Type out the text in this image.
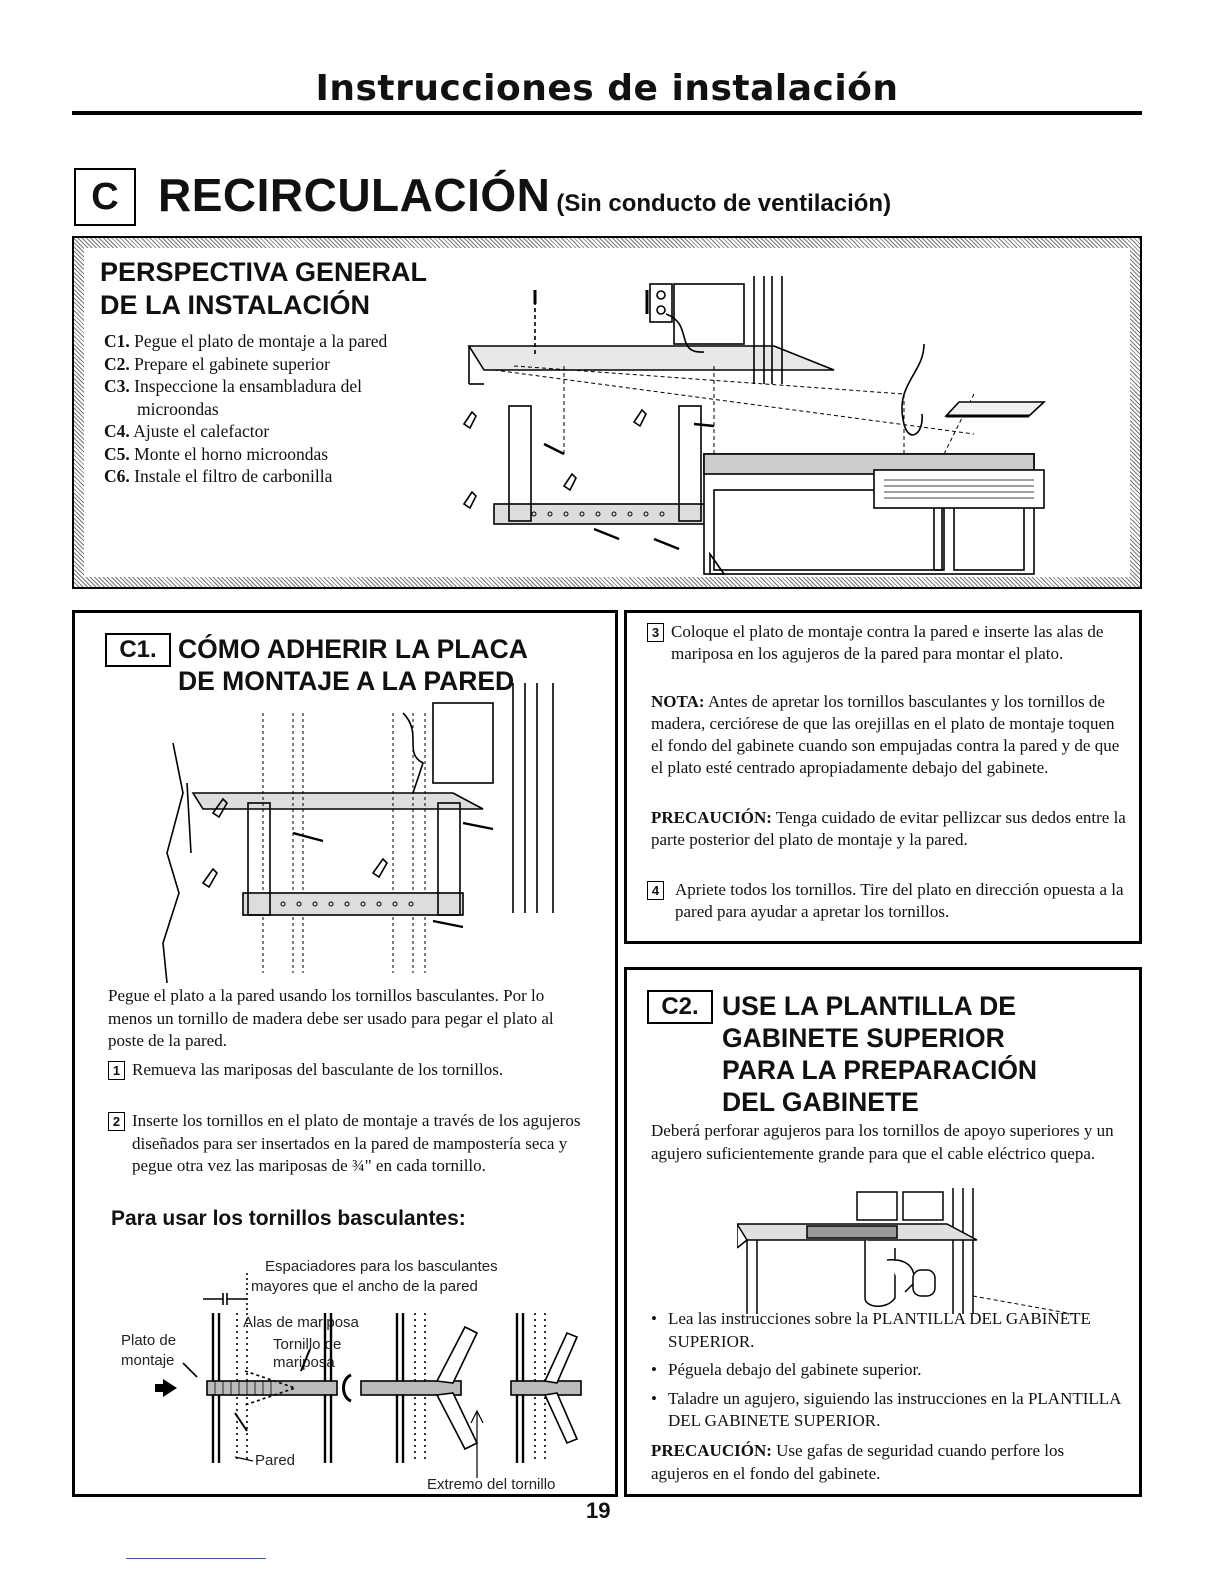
Instrucciones de instalación
C RECIRCULACIÓN (Sin conducto de ventilación)
PERSPECTIVA GENERAL
DE LA INSTALACIÓN
C1. Pegue el plato de montaje a la pared
C2. Prepare el gabinete superior
C3. Inspeccione la ensambladura del microondas
C4. Ajuste el calefactor
C5. Monte el horno microondas
C6. Instale el filtro de carbonilla
C1. CÓMO ADHERIR LA PLACA
DE MONTAJE A LA PARED
Pegue el plato a la pared usando los tornillos basculantes. Por lo menos un tornillo de madera debe ser usado para pegar el plato al poste de la pared.
1 Remueva las mariposas del basculante de los tornillos.
2 Inserte los tornillos en el plato de montaje a través de los agujeros diseñados para ser insertados en la pared de mampostería seca y pegue otra vez las mariposas de ¾" en cada tornillo.
Para usar los tornillos basculantes:
Espaciadores para los basculantes
mayores que el ancho de la pared
Alas de mariposa
Plato de
montaje
Tornillo de
mariposa
Pared
Extremo del tornillo
3 Coloque el plato de montaje contra la pared e inserte las alas de mariposa en los agujeros de la pared para montar el plato.
NOTA: Antes de apretar los tornillos basculantes y los tornillos de madera, cerciórese de que las orejillas en el plato de montaje toquen el fondo del gabinete cuando son empujadas contra la pared y de que el plato esté centrado apropiadamente debajo del gabinete.
PRECAUCIÓN: Tenga cuidado de evitar pellizcar sus dedos entre la parte posterior del plato de montaje y la pared.
4 Apriete todos los tornillos. Tire del plato en dirección opuesta a la pared para ayudar a apretar los tornillos.
C2. USE LA PLANTILLA DE
GABINETE SUPERIOR
PARA LA PREPARACIÓN
DEL GABINETE
Deberá perforar agujeros para los tornillos de apoyo superiores y un agujero suficientemente grande para que el cable eléctrico quepa.
• Lea las instrucciones sobre la PLANTILLA DEL GABINETE SUPERIOR.
• Péguela debajo del gabinete superior.
• Taladre un agujero, siguiendo las instrucciones en la PLANTILLA DEL GABINETE SUPERIOR.
PRECAUCIÓN: Use gafas de seguridad cuando perfore los agujeros en el fondo del gabinete.
19
